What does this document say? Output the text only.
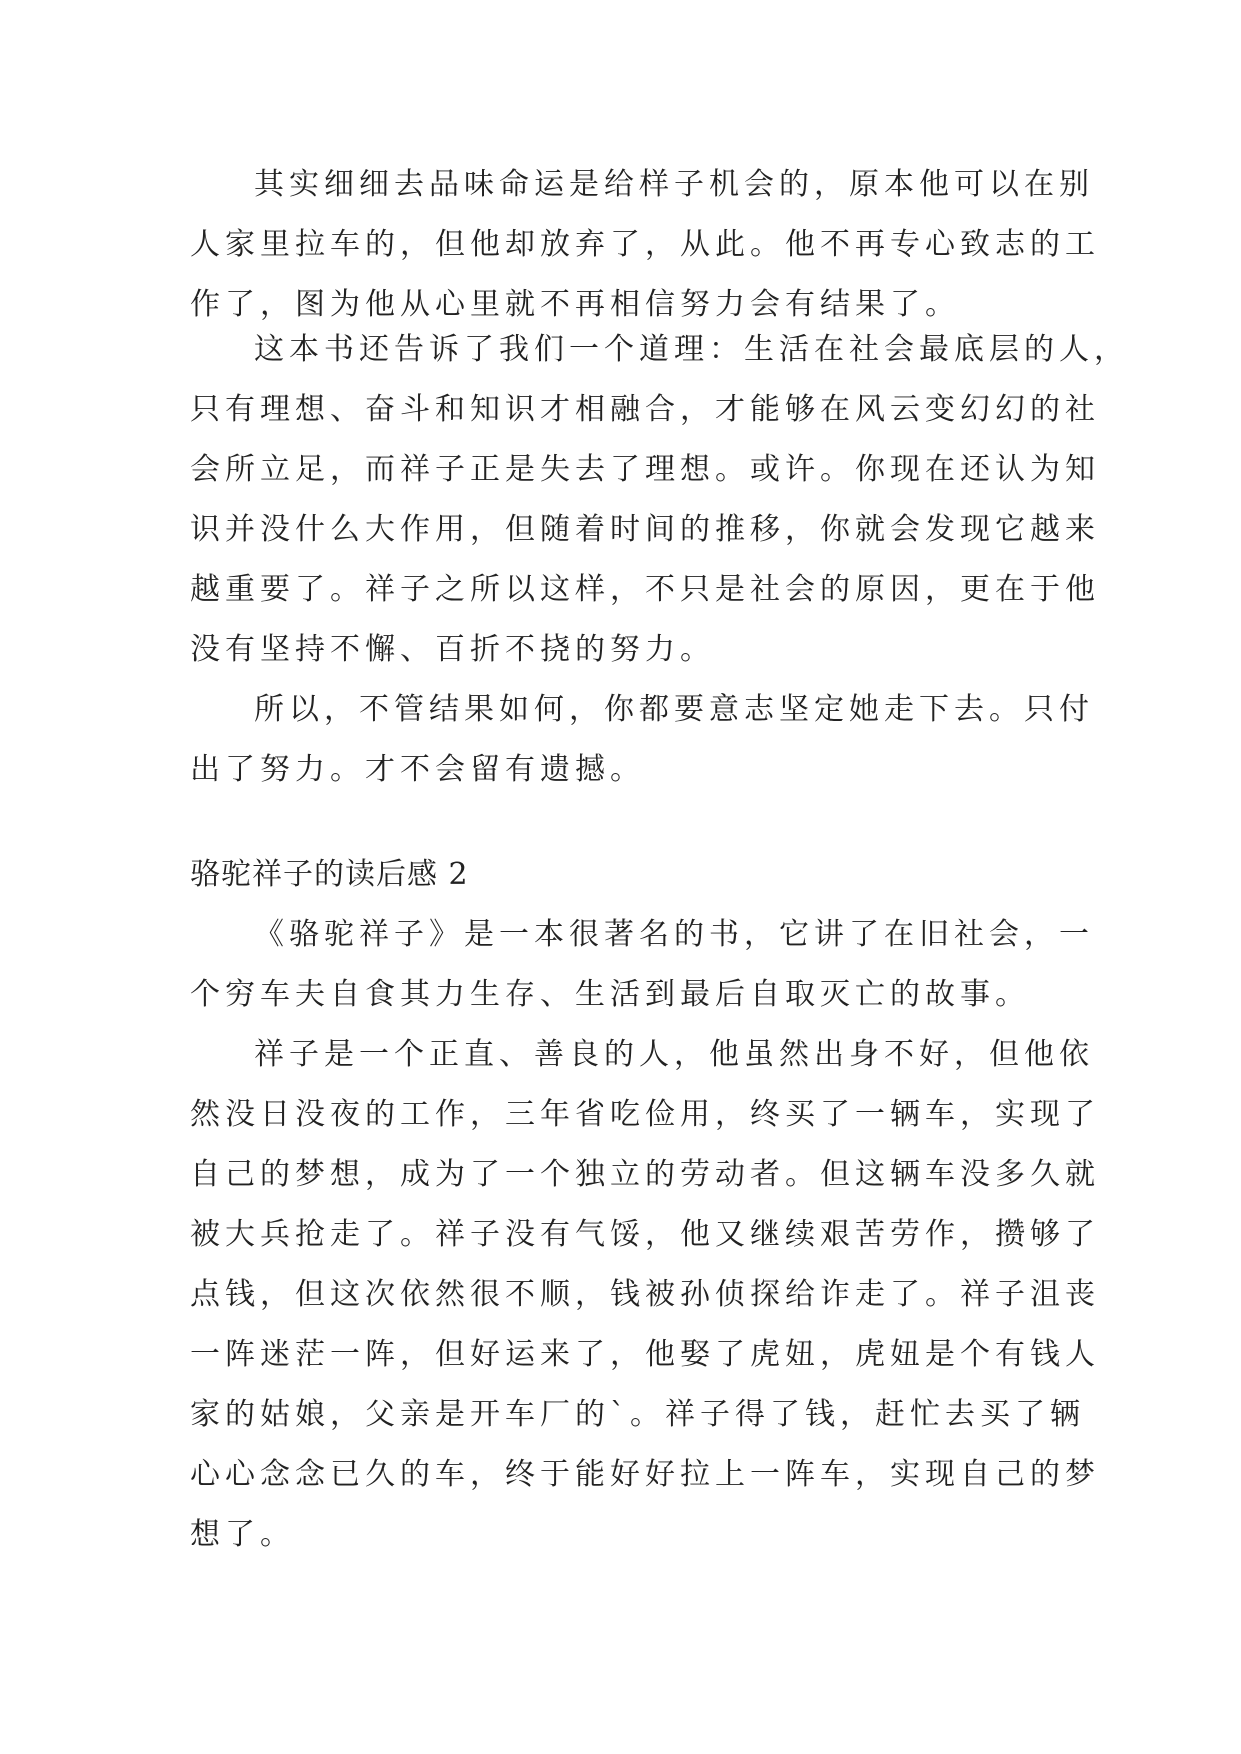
其实细细去品味命运是给样子机会的，原本他可以在别
人家里拉车的，但他却放弃了，从此。他不再专心致志的工
作了，图为他从心里就不再相信努力会有结果了。
这本书还告诉了我们一个道理：生活在社会最底层的人，
只有理想、奋斗和知识才相融合，才能够在风云变幻幻的社
会所立足，而祥子正是失去了理想。或许。你现在还认为知
识并没什么大作用，但随着时间的推移，你就会发现它越来
越重要了。祥子之所以这样，不只是社会的原因，更在于他
没有坚持不懈、百折不挠的努力。
所以，不管结果如何，你都要意志坚定她走下去。只付
出了努力。才不会留有遗撼。
骆驼祥子的读后感 2
《骆驼祥子》是一本很著名的书，它讲了在旧社会，一
个穷车夫自食其力生存、生活到最后自取灭亡的故事。
祥子是一个正直、善良的人，他虽然出身不好，但他依
然没日没夜的工作，三年省吃俭用，终买了一辆车，实现了
自己的梦想，成为了一个独立的劳动者。但这辆车没多久就
被大兵抢走了。祥子没有气馁，他又继续艰苦劳作，攒够了
点钱，但这次依然很不顺，钱被孙侦探给诈走了。祥子沮丧
一阵迷茫一阵，但好运来了，他娶了虎妞，虎妞是个有钱人
家的姑娘，父亲是开车厂的`。祥子得了钱，赶忙去买了辆
心心念念已久的车，终于能好好拉上一阵车，实现自己的梦
想了。
